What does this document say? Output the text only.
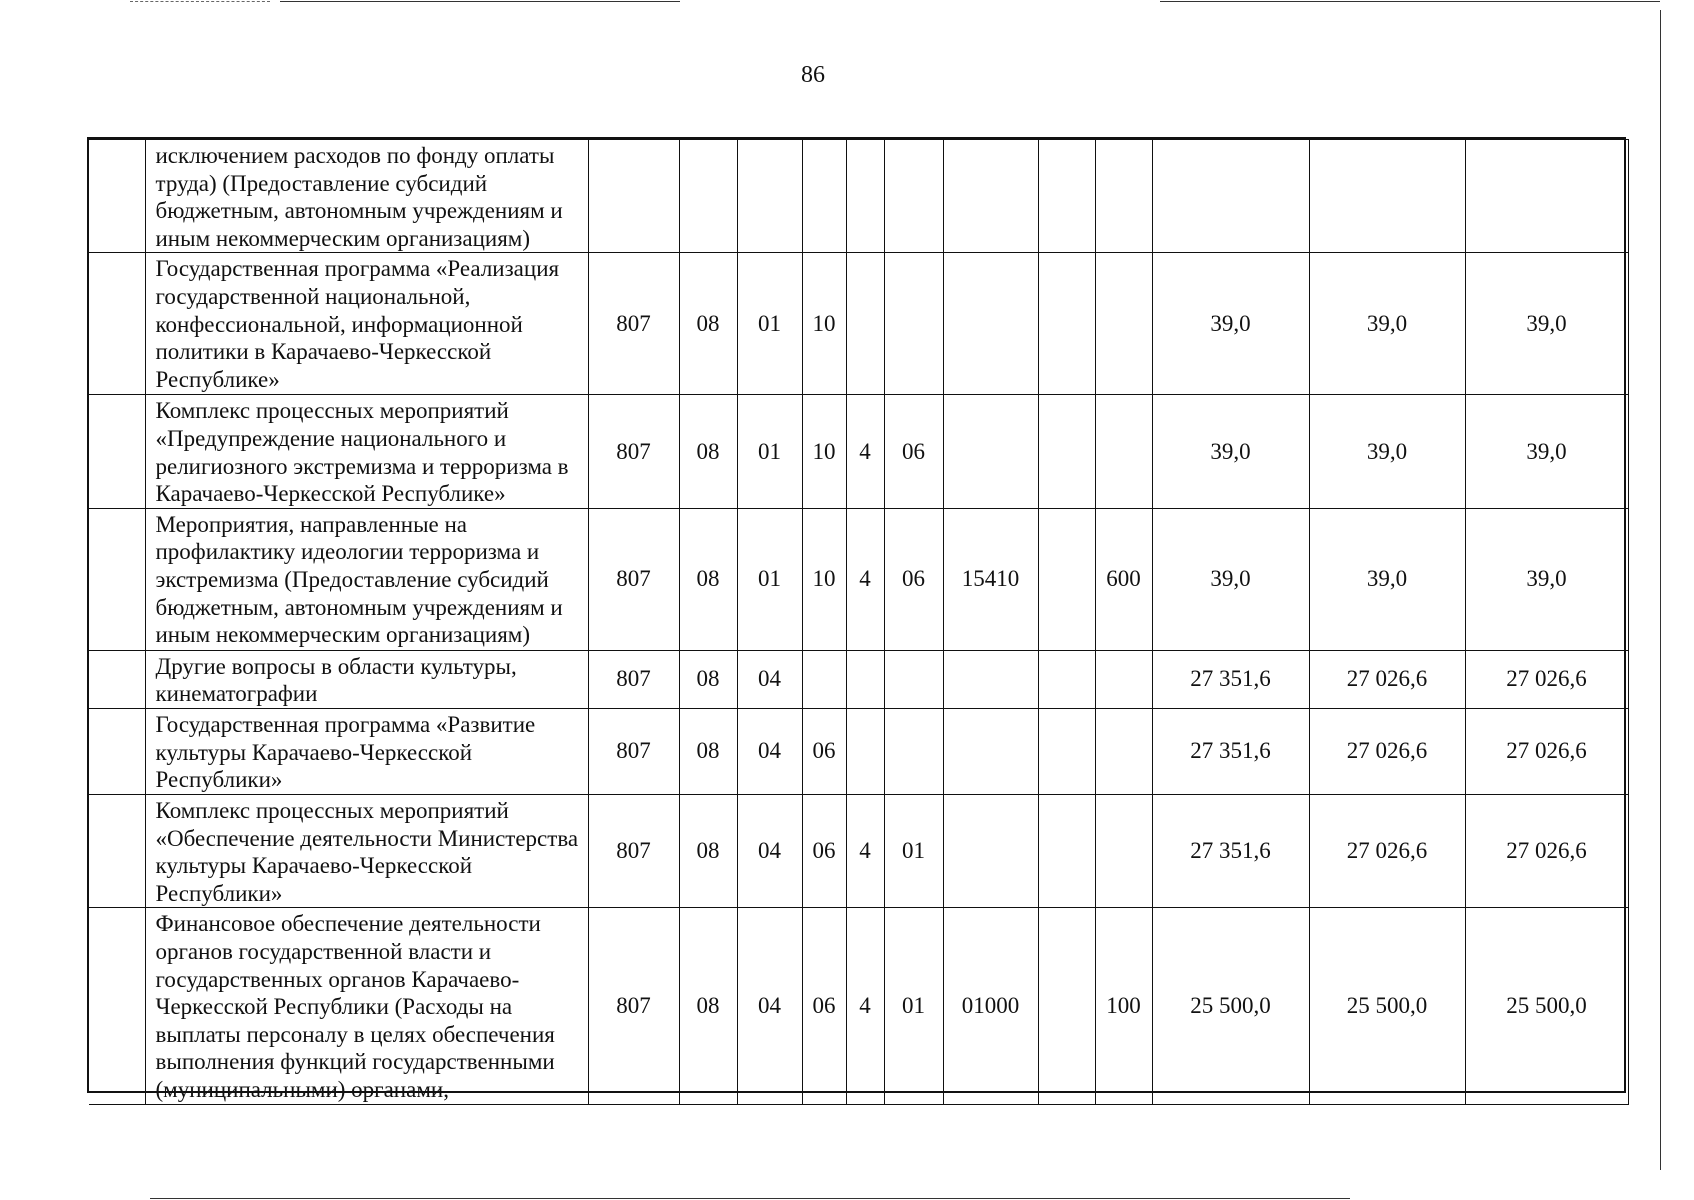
86
	исключением расходов по фонду оплаты труда) (Предоставление субсидий бюджетным, автономным учреждениям и иным некоммерческим организациям)												
	Государственная программа «Реализация государственной национальной, конфессиональной, информационной политики в Карачаево-Черкесской Республике»	807	08	01	10						39,0	39,0	39,0
	Комплекс процессных мероприятий «Предупреждение национального и религиозного экстремизма и терроризма в Карачаево-Черкесской Республике»	807	08	01	10	4	06				39,0	39,0	39,0
	Мероприятия, направленные на профилактику идеологии терроризма и экстремизма (Предоставление субсидий бюджетным, автономным учреждениям и иным некоммерческим организациям)	807	08	01	10	4	06	15410		600	39,0	39,0	39,0
	Другие вопросы в области культуры, кинематографии	807	08	04							27 351,6	27 026,6	27 026,6
	Государственная программа «Развитие культуры Карачаево-Черкесской Республики»	807	08	04	06						27 351,6	27 026,6	27 026,6
	Комплекс процессных мероприятий «Обеспечение деятельности Министерства культуры Карачаево-Черкесской Республики»	807	08	04	06	4	01				27 351,6	27 026,6	27 026,6
	Финансовое обеспечение деятельности органов государственной власти и государственных органов Карачаево-Черкесской Республики (Расходы на выплаты персоналу в целях обеспечения выполнения функций государственными (муниципальными) органами,	807	08	04	06	4	01	01000		100	25 500,0	25 500,0	25 500,0
